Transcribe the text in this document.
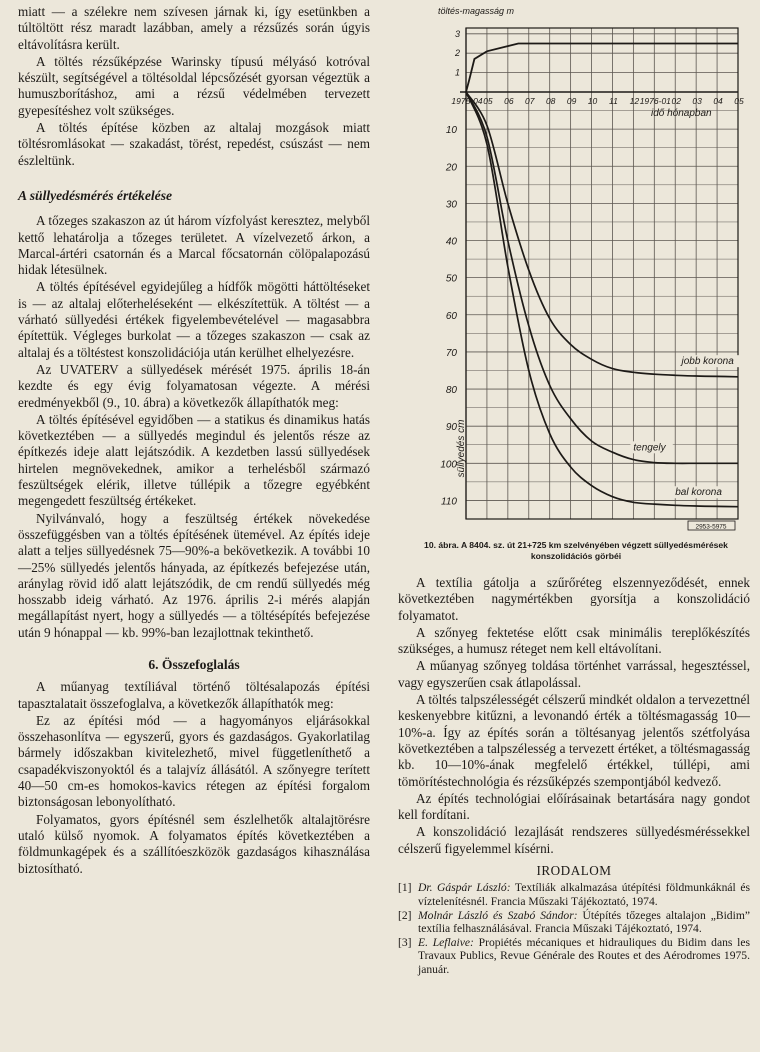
miatt — a szélekre nem szívesen járnak ki, így esetünkben a túltöltött rész maradt lazábban, amely a rézsűzés során úgyis eltávolításra került.

A töltés rézsűképzése Warinsky típusú mélyásó kotróval készült, segítségével a töltésoldal lépcsőzését gyorsan végeztük a humuszborításhoz, ami a rézsű védelmében tervezett gyepesítéshez volt szükséges.

A töltés építése közben az altalaj mozgások miatt töltésromlásokat — szakadást, törést, repedést, csúszást — nem észleltünk.

A süllyedésmérés értékelése

A tőzeges szakaszon az út három vízfolyást keresztez, melyből kettő lehatárolja a tőzeges területet. A vízelvezető árkon, a Marcal-ártéri csatornán és a Marcal főcsatornán cölöpalapozású hidak létesülnek.

A töltés építésével egyidejűleg a hídfők mögötti háttöltéseket is — az altalaj előterheléseként — elkészítettük. A töltést — a várható süllyedési értékek figyelembevételével — magasabbra építettük. Végleges burkolat — a tőzeges szakaszon — csak az altalaj és a töltéstest konszolidációja után kerülhet elhelyezésre.

Az UVATERV a süllyedések mérését 1975. április 18-án kezdte és egy évig folyamatosan végezte. A mérési eredményekből (9., 10. ábra) a következők állapíthatók meg:

A töltés építésével egyidőben — a statikus és dinamikus hatás következtében — a süllyedés megindul és jelentős része az építkezés ideje alatt lejátszódik. A kezdetben lassú süllyedések hirtelen megnövekednek, amikor a terhelésből származó feszültségek elérik, illetve túllépik a tőzegre egyébként megengedett feszültség értékeket.

Nyilvánvaló, hogy a feszültség értékek növekedése összefüggésben van a töltés építésének ütemével. Az építés ideje alatt a teljes süllyedésnek 75—90%-a bekövetkezik. A további 10—25% süllyedés jelentős hányada, az építkezés befejezése után, aránylag rövid idő alatt lejátszódik, de cm rendű süllyedés még hosszabb ideig várható. Az 1976. április 2-i mérés alapján megállapítást nyert, hogy a süllyedés — a töltésépítés befejezése után 9 hónappal — kb. 99%-ban lezajlottnak tekinthető.

6. Összefoglalás

A műanyag textíliával történő töltésalapozás építési tapasztalatait összefoglalva, a következők állapíthatók meg:

Ez az építési mód — a hagyományos eljárásokkal összehasonlítva — egyszerű, gyors és gazdaságos. Gyakorlatilag bármely időszakban kivitelezhető, mivel függetleníthető a csapadékviszonyoktól és a talajvíz állásától. A szőnyegre terített 40—50 cm-es homokos-kavics rétegen az építési forgalom biztonságosan lebonyolítható.

Folyamatos, gyors építésnél sem észlelhetők altalajtörésre utaló külső nyomok. A folyamatos építés következtében a földmunkagépek és a szállítóeszközök gazdaságos kihasználása biztosítható.

1975-04 05 06 07 08 09 10 11 12 1976-01 02 03 04 05
idő hónapban
töltés-magasság m
3
2
1
10
20
30
40
50
60
70
80
90
100
110
süllyedés cm
jobb korona
tengely
bal korona
2953-5975
10. ábra. A 8404. sz. út 21+725 km szelvényében végzett süllyedésmérések konszolidációs görbéi

A textília gátolja a szűrőréteg elszennyeződését, ennek következtében nagymértékben gyorsítja a konszolidáció folyamatot.

A szőnyeg fektetése előtt csak minimális tereplőkészítés szükséges, a humusz réteget nem kell eltávolítani.

A műanyag szőnyeg toldása történhet varrással, hegesztéssel, vagy egyszerűen csak átlapolással.

A töltés talpszélességét célszerű mindkét oldalon a tervezettnél keskenyebbre kitűzni, a levonandó érték a töltésmagasság 10—10%-a. Így az építés során a töltésanyag jelentős szétfolyása következtében a talpszélesség a tervezett értéket, a töltésmagasság kb. 10—10%-ának megfelelő értékkel, túllépi, ami tömörítéstechnológia és rézsűképzés szempontjából kedvező.

Az építés technológiai előírásainak betartására nagy gondot kell fordítani.

A konszolidáció lezajlását rendszeres süllyedésméréssekkel célszerű figyelemmel kísérni.

IRODALOM
[1] Dr. Gáspár László: Textíliák alkalmazása útépítési földmunkáknál és víztelenítésnél. Francia Műszaki Tájékoztató, 1974.
[2] Molnár László és Szabó Sándor: Útépítés tőzeges altalajon „Bidim” textília felhasználásával. Francia Műszaki Tájékoztató, 1974.
[3] E. Leflaive: Propiétés mécaniques et hidrauliques du Bidim dans les Travaux Publics, Revue Générale des Routes et des Aérodromes 1975. január.
